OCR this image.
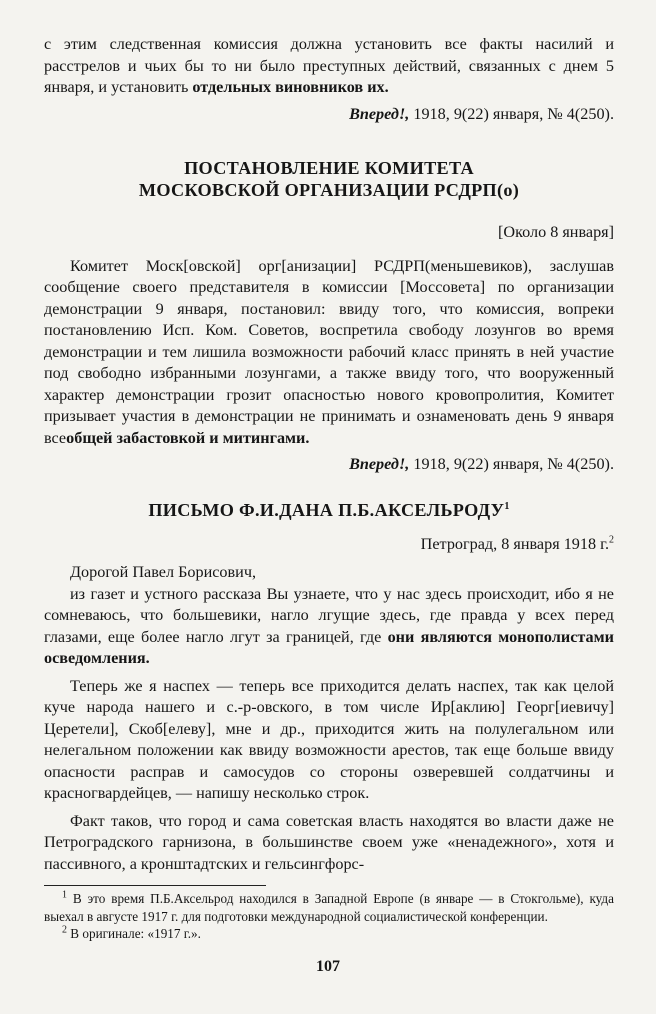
с этим следственная комиссия должна установить все факты насилий и расстрелов и чьих бы то ни было преступных действий, связанных с днем 5 января, и установить отдельных виновников их.

Вперед!, 1918, 9(22) января, № 4(250).
ПОСТАНОВЛЕНИЕ КОМИТЕТА
МОСКОВСКОЙ ОРГАНИЗАЦИИ РСДРП(о)
[Около 8 января]

Комитет Моск[овской] орг[анизации] РСДРП(меньшевиков), заслушав сообщение своего представителя в комиссии [Моссовета] по организации демонстрации 9 января, постановил: ввиду того, что комиссия, вопреки постановлению Исп. Ком. Советов, воспретила свободу лозунгов во время демонстрации и тем лишила возможности рабочий класс принять в ней участие под свободно избранными лозунгами, а также ввиду того, что вооруженный характер демонстрации грозит опасностью нового кровопролития, Комитет призывает участия в демонстрации не принимать и ознаменовать день 9 января всеобщей забастовкой и митингами.

Вперед!, 1918, 9(22) января, № 4(250).
ПИСЬМО Ф.И.ДАНА П.Б.АКСЕЛЬРОДУ$^1$
Петроград, 8 января 1918 г.$^2$

Дорогой Павел Борисович,

из газет и устного рассказа Вы узнаете, что у нас здесь происходит, ибо я не сомневаюсь, что большевики, нагло лгущие здесь, где правда у всех перед глазами, еще более нагло лгут за границей, где они являются монополистами осведомления.

Теперь же я наспех — теперь все приходится делать наспех, так как целой куче народа нашего и с.-р-овского, в том числе Ир[аклию] Георг[иевичу] Церетели], Скоб[елеву], мне и др., приходится жить на полулегальном или нелегальном положении как ввиду возможности арестов, так еще больше ввиду опасности расправ и самосудов со стороны озверевшей солдатчины и красногвардейцев, — напишу несколько строк.

Факт таков, что город и сама советская власть находятся во власти даже не Петроградского гарнизона, в большинстве своем уже «ненадежного», хотя и пассивного, а кронштадтских и гельсингфорс-

$^1$ В это время П.Б.Аксельрод находился в Западной Европе (в январе — в Стокгольме), куда выехал в августе 1917 г. для подготовки международной социалистической конференции.

$^2$ В оригинале: «1917 г.».

107
